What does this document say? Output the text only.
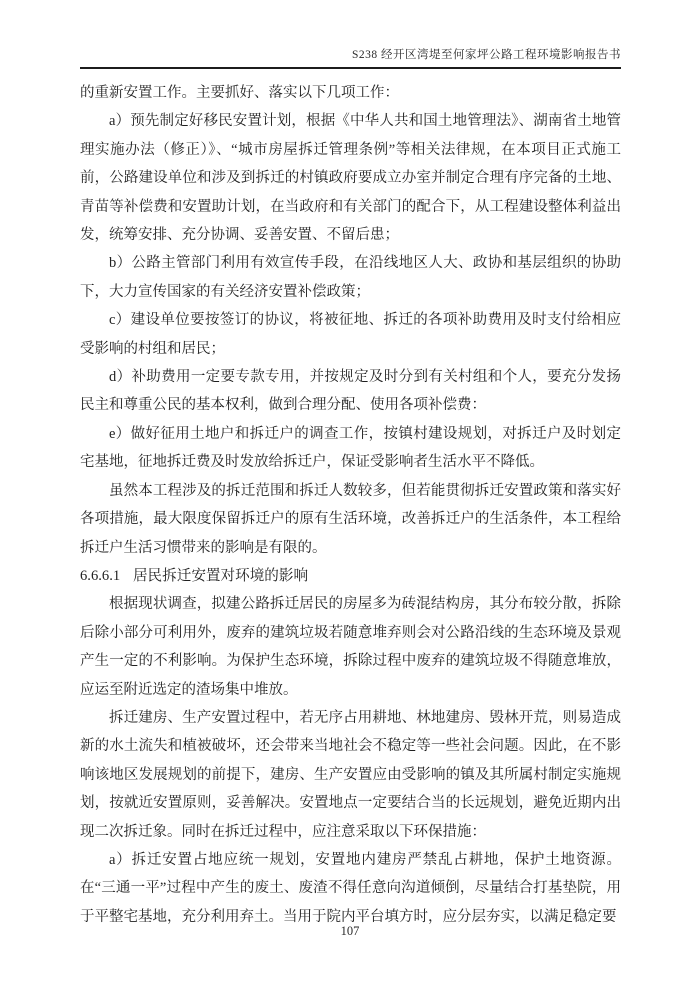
S238 经开区湾堤至何家坪公路工程环境影响报告书

的重新安置工作。主要抓好、落实以下几项工作：

a）预先制定好移民安置计划，根据《中华人共和国土地管理法》、湖南省土地管理实施办法（修正）》、“城市房屋拆迁管理条例”等相关法律规，在本项目正式施工前，公路建设单位和涉及到拆迁的村镇政府要成立办室并制定合理有序完备的土地、青苗等补偿费和安置助计划，在当政府和有关部门的配合下，从工程建设整体利益出发，统筹安排、充分协调、妥善安置、不留后患；

b）公路主管部门利用有效宣传手段，在沿线地区人大、政协和基层组织的协助下，大力宣传国家的有关经济安置补偿政策；

c）建设单位要按签订的协议，将被征地、拆迁的各项补助费用及时支付给相应受影响的村组和居民；

d）补助费用一定要专款专用，并按规定及时分到有关村组和个人，要充分发扬民主和尊重公民的基本权利，做到合理分配、使用各项补偿费：

e）做好征用土地户和拆迁户的调查工作，按镇村建设规划，对拆迁户及时划定宅基地，征地拆迁费及时发放给拆迁户，保证受影响者生活水平不降低。

虽然本工程涉及的拆迁范围和拆迁人数较多，但若能贯彻拆迁安置政策和落实好各项措施，最大限度保留拆迁户的原有生活环境，改善拆迁户的生活条件，本工程给拆迁户生活习惯带来的影响是有限的。

6.6.6.1 居民拆迁安置对环境的影响

根据现状调查，拟建公路拆迁居民的房屋多为砖混结构房，其分布较分散，拆除后除小部分可利用外，废弃的建筑垃圾若随意堆弃则会对公路沿线的生态环境及景观产生一定的不利影响。为保护生态环境，拆除过程中废弃的建筑垃圾不得随意堆放，应运至附近选定的渣场集中堆放。

拆迁建房、生产安置过程中，若无序占用耕地、林地建房、毁林开荒，则易造成新的水土流失和植被破坏，还会带来当地社会不稳定等一些社会问题。因此，在不影响该地区发展规划的前提下，建房、生产安置应由受影响的镇及其所属村制定实施规划，按就近安置原则，妥善解决。安置地点一定要结合当的长远规划，避免近期内出现二次拆迁象。同时在拆迁过程中，应注意采取以下环保措施：

a）拆迁安置占地应统一规划，安置地内建房严禁乱占耕地，保护土地资源。在“三通一平”过程中产生的废土、废渣不得任意向沟道倾倒，尽量结合打基垫院，用于平整宅基地，充分利用弃土。当用于院内平台填方时，应分层夯实，以满足稳定要

107
